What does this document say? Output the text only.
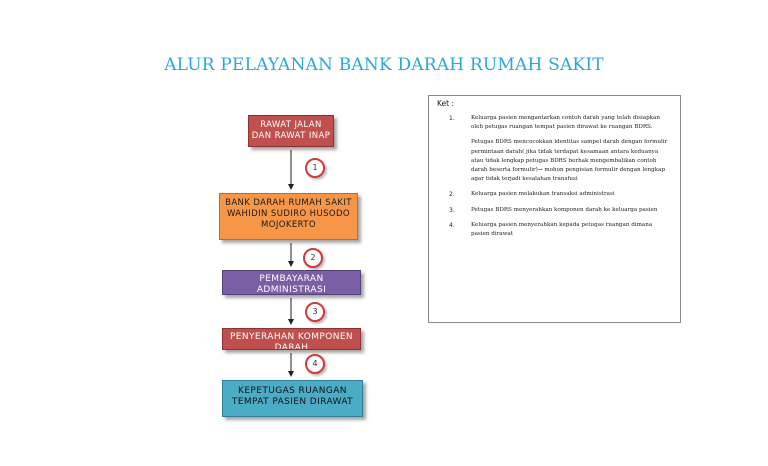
ALUR PELAYANAN BANK DARAH RUMAH SAKIT
RAWAT JALAN
DAN RAWAT INAP
BANK DARAH RUMAH SAKIT
WAHIDIN SUDIRO HUSODO
MOJOKERTO
PEMBAYARAN
ADMINISTRASI
PENYERAHAN KOMPONEN
DARAH
KEPETUGAS RUANGAN
TEMPAT PASIEN DIRAWAT
1
2
3
4
Ket :
1.	Keluarga pasien mengantarkan contoh darah yang telah disiapkan oleh petugas ruangan tempat pasien dirawat ke ruangan BDRS.

Petugas BDRS mencocokkan identitas sampel darah dengan formulir permintaan darah( jika tidak terdapat kesamaan antara keduanya atau tidak lengkap petugas BDRS berhak mengembalikan contoh darah beserta formulir)→ mohon pengisian formulir dengan lengkap agar tidak terjadi kesalahan transfusi

2.	Keluarga pasien melakukan transaksi administrasi

3.	Petugas BDRS menyerahkan komponen darah ke keluarga pasien

4.	Keluarga pasien menyerahkan kepada petugas ruangan dimana pasien dirawat
